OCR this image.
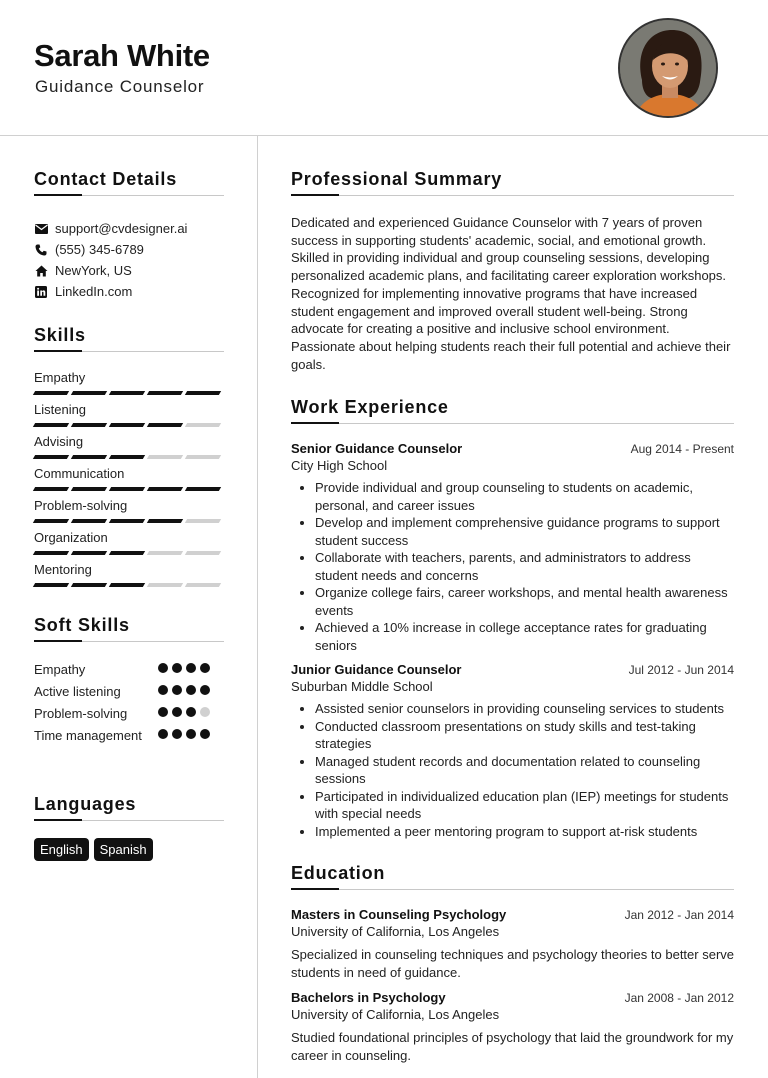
Sarah White
Guidance Counselor
Contact Details
support@cvdesigner.ai
(555) 345-6789
NewYork, US
LinkedIn.com
Skills
Empathy
Listening
Advising
Communication
Problem-solving
Organization
Mentoring
Soft Skills
Empathy
Active listening
Problem-solving
Time management
Languages
English	Spanish
Professional Summary

Dedicated and experienced Guidance Counselor with 7 years of proven success in supporting students' academic, social, and emotional growth. Skilled in providing individual and group counseling sessions, developing personalized academic plans, and facilitating career exploration workshops. Recognized for implementing innovative programs that have increased student engagement and improved overall student well-being. Strong advocate for creating a positive and inclusive school environment. Passionate about helping students reach their full potential and achieve their goals.

Work Experience
Senior Guidance Counselor	Aug 2014 - Present
City High School
• Provide individual and group counseling to students on academic, personal, and career issues
• Develop and implement comprehensive guidance programs to support student success
• Collaborate with teachers, parents, and administrators to address student needs and concerns
• Organize college fairs, career workshops, and mental health awareness events
• Achieved a 10% increase in college acceptance rates for graduating seniors
Junior Guidance Counselor	Jul 2012 - Jun 2014
Suburban Middle School
• Assisted senior counselors in providing counseling services to students
• Conducted classroom presentations on study skills and test-taking strategies
• Managed student records and documentation related to counseling sessions
• Participated in individualized education plan (IEP) meetings for students with special needs
• Implemented a peer mentoring program to support at-risk students
Education
Masters in Counseling Psychology	Jan 2012 - Jan 2014
University of California, Los Angeles

Specialized in counseling techniques and psychology theories to better serve students in need of guidance.

Bachelors in Psychology	Jan 2008 - Jan 2012
University of California, Los Angeles

Studied foundational principles of psychology that laid the groundwork for my career in counseling.
